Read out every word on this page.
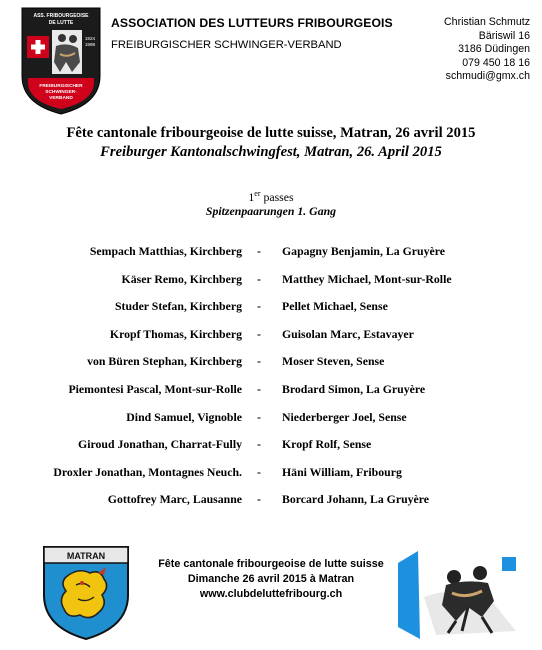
ASS. FRIBOURGEOISE
DE LUTTE
1924
1998
FREIBURGISCHER
SCHWINGER-
VERBAND
ASSOCIATION DES LUTTEURS FRIBOURGEOIS
FREIBURGISCHER SCHWINGER-VERBAND
Christian Schmutz
Bäriswil 16
3186 Düdingen
079 450 18 16
schmudi@gmx.ch
Fête cantonale fribourgeoise de lutte suisse, Matran, 26 avril 2015
Freiburger Kantonalschwingfest, Matran, 26. April 2015
1er passes
Spitzenpaarungen 1. Gang
Sempach Matthias, Kirchberg	-	Gapagny Benjamin, La Gruyère
Käser Remo, Kirchberg	-	Matthey Michael, Mont-sur-Rolle
Studer Stefan, Kirchberg	-	Pellet Michael, Sense
Kropf Thomas, Kirchberg	-	Guisolan Marc, Estavayer
von Büren Stephan, Kirchberg	-	Moser Steven, Sense
Piemontesi Pascal, Mont-sur-Rolle	-	Brodard Simon, La Gruyère
Dind Samuel, Vignoble	-	Niederberger Joel, Sense
Giroud Jonathan, Charrat-Fully	-	Kropf Rolf, Sense
Droxler Jonathan, Montagnes Neuch.	-	Häni William, Fribourg
Gottofrey Marc, Lausanne	-	Borcard Johann, La Gruyère
MATRAN
Fête cantonale fribourgeoise de lutte suisse
Dimanche 26 avril 2015 à Matran
www.clubdeluttefribourg.ch
